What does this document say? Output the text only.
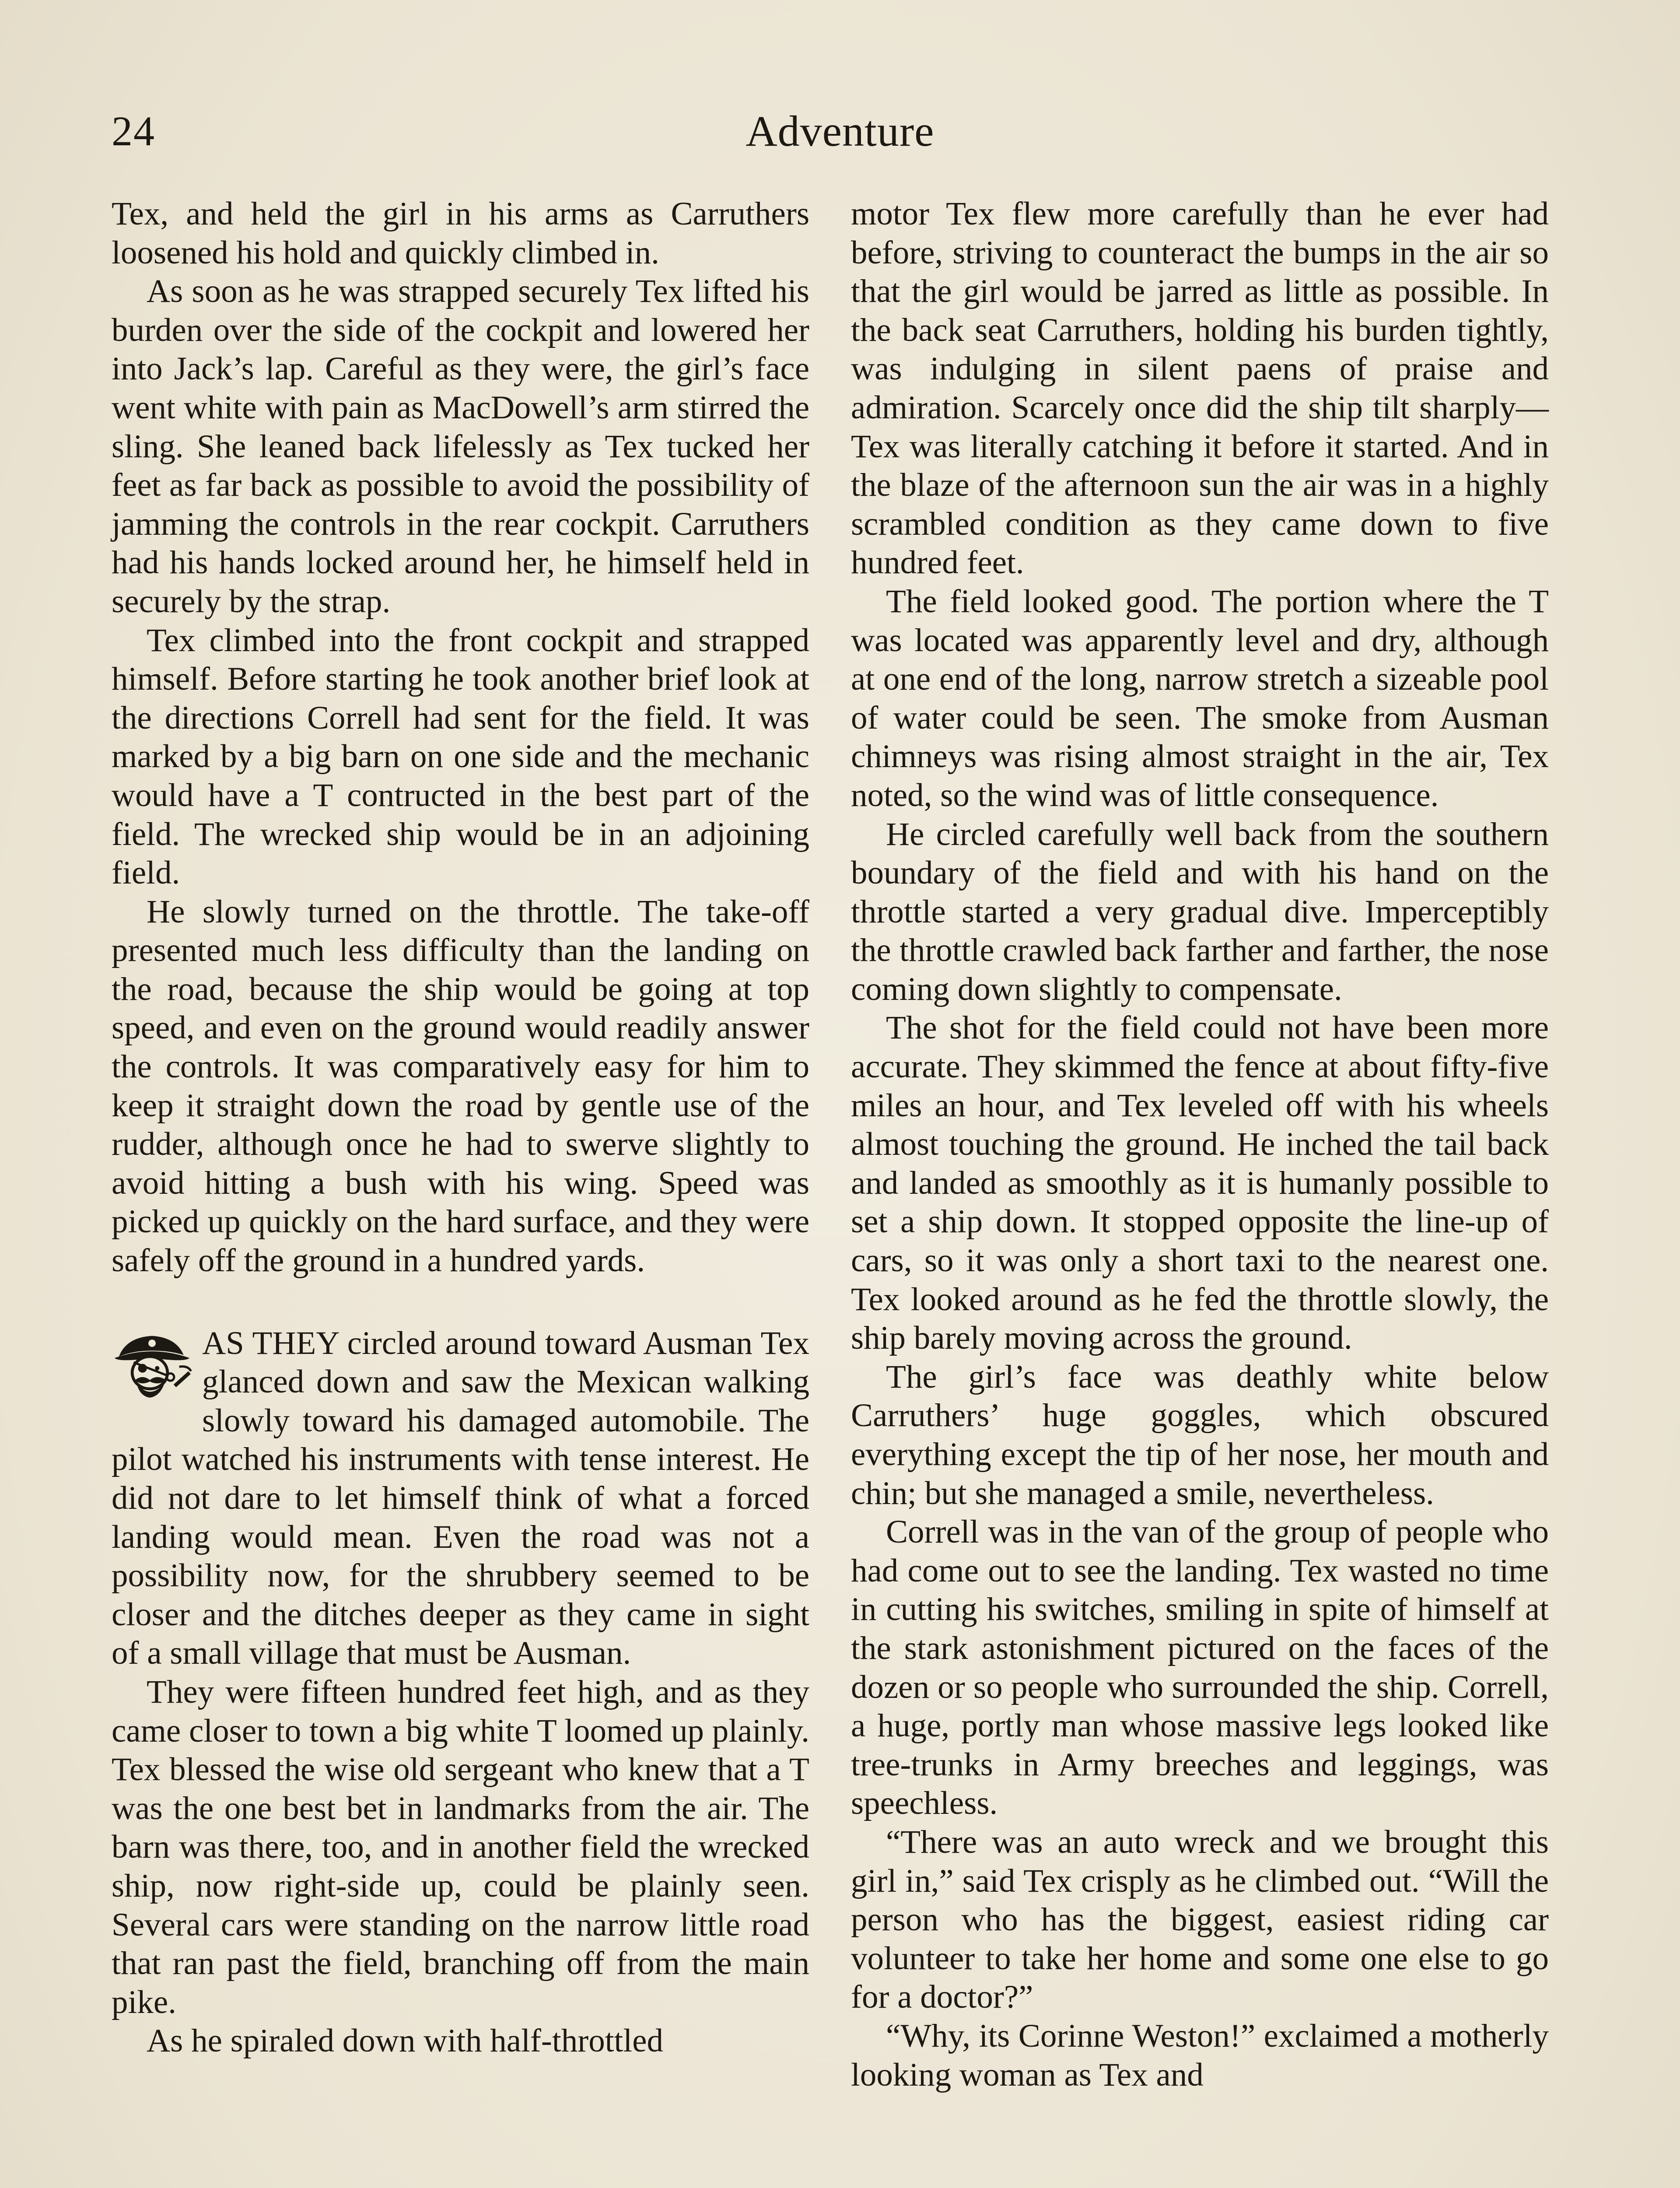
24	Adventure

Tex, and held the girl in his arms as Carruthers loosened his hold and quickly climbed in.

As soon as he was strapped securely Tex lifted his burden over the side of the cockpit and lowered her into Jack’s lap. Careful as they were, the girl’s face went white with pain as MacDowell’s arm stirred the sling. She leaned back lifelessly as Tex tucked her feet as far back as possible to avoid the possibility of jamming the controls in the rear cockpit. Carruthers had his hands locked around her, he himself held in securely by the strap.

Tex climbed into the front cockpit and strapped himself. Before starting he took another brief look at the directions Correll had sent for the field. It was marked by a big barn on one side and the mechanic would have a T contructed in the best part of the field. The wrecked ship would be in an adjoining field.

He slowly turned on the throttle. The take-off presented much less difficulty than the landing on the road, because the ship would be going at top speed, and even on the ground would readily answer the controls. It was comparatively easy for him to keep it straight down the road by gentle use of the rudder, although once he had to swerve slightly to avoid hitting a bush with his wing. Speed was picked up quickly on the hard surface, and they were safely off the ground in a hundred yards.

AS THEY circled around toward Ausman Tex glanced down and saw the Mexican walking slowly toward his damaged automobile. The pilot watched his instruments with tense interest. He did not dare to let himself think of what a forced landing would mean. Even the road was not a possibility now, for the shrubbery seemed to be closer and the ditches deeper as they came in sight of a small village that must be Ausman.

They were fifteen hundred feet high, and as they came closer to town a big white T loomed up plainly. Tex blessed the wise old sergeant who knew that a T was the one best bet in landmarks from the air. The barn was there, too, and in another field the wrecked ship, now right-side up, could be plainly seen. Several cars were standing on the narrow little road that ran past the field, branching off from the main pike.

As he spiraled down with half-throttled

motor Tex flew more carefully than he ever had before, striving to counteract the bumps in the air so that the girl would be jarred as little as possible. In the back seat Carruthers, holding his burden tightly, was indulging in silent paens of praise and admiration. Scarcely once did the ship tilt sharply—Tex was literally catching it before it started. And in the blaze of the afternoon sun the air was in a highly scrambled condition as they came down to five hundred feet.

The field looked good. The portion where the T was located was apparently level and dry, although at one end of the long, narrow stretch a sizeable pool of water could be seen. The smoke from Ausman chimneys was rising almost straight in the air, Tex noted, so the wind was of little consequence.

He circled carefully well back from the southern boundary of the field and with his hand on the throttle started a very gradual dive. Imperceptibly the throttle crawled back farther and farther, the nose coming down slightly to compensate.

The shot for the field could not have been more accurate. They skimmed the fence at about fifty-five miles an hour, and Tex leveled off with his wheels almost touching the ground. He inched the tail back and landed as smoothly as it is humanly possible to set a ship down. It stopped opposite the line-up of cars, so it was only a short taxi to the nearest one. Tex looked around as he fed the throttle slowly, the ship barely moving across the ground.

The girl’s face was deathly white below Carruthers’ huge goggles, which obscured everything except the tip of her nose, her mouth and chin; but she managed a smile, nevertheless.

Correll was in the van of the group of people who had come out to see the landing. Tex wasted no time in cutting his switches, smiling in spite of himself at the stark astonishment pictured on the faces of the dozen or so people who surrounded the ship. Correll, a huge, portly man whose massive legs looked like tree-trunks in Army breeches and leggings, was speechless.

“There was an auto wreck and we brought this girl in,” said Tex crisply as he climbed out. “Will the person who has the biggest, easiest riding car volunteer to take her home and some one else to go for a doctor?”

“Why, its Corinne Weston!” exclaimed a motherly looking woman as Tex and
